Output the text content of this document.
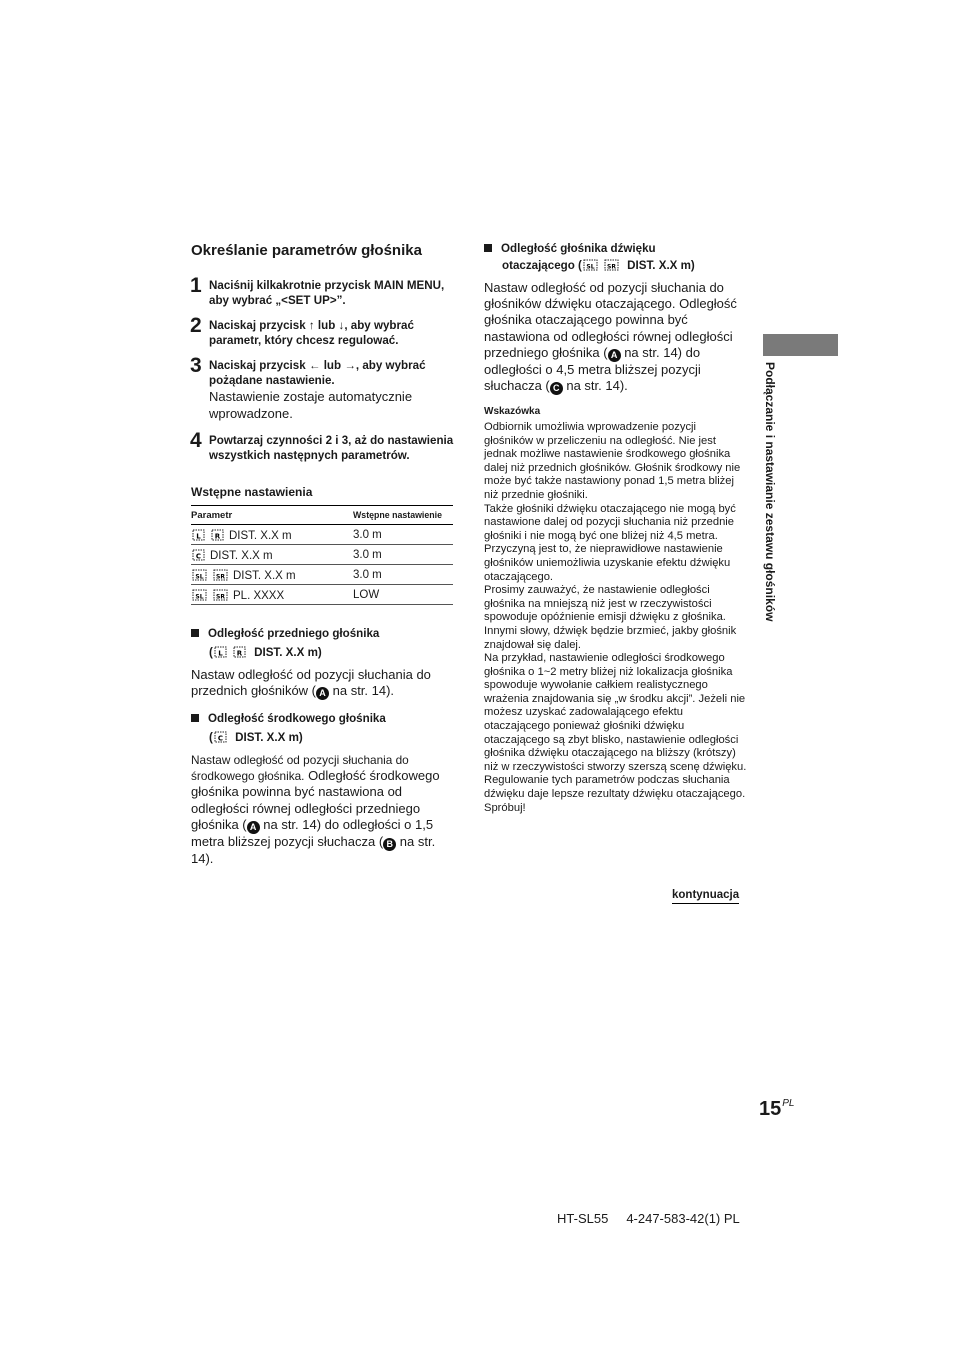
Określanie parametrów głośnika
1 Naciśnij kilkakrotnie przycisk MAIN MENU, aby wybrać „<SET UP>”.
2 Naciskaj przycisk ↑ lub ↓, aby wybrać parametr, który chcesz regulować.
3 Naciskaj przycisk ← lub →, aby wybrać pożądane nastawienie.
Nastawienie zostaje automatycznie wprowadzone.
4 Powtarzaj czynności 2 i 3, aż do nastawienia wszystkich następnych parametrów.
Wstępne nastawienia
Parametr	Wstępne nastawienie

L R DIST. X.X m	3.0 m

C DIST. X.X m	3.0 m

SL SR DIST. X.X m	3.0 m

SL SR PL. XXXX	LOW
Odległość przedniego głośnika
( L R DIST. X.X m)
Nastaw odległość od pozycji słuchania do przednich głośników ( A na str. 14).
Odległość środkowego głośnika
( C DIST. X.X m)
Nastaw odległość od pozycji słuchania do środkowego głośnika. Odległość środkowego głośnika powinna być nastawiona od odległości równej odległości przedniego głośnika ( A na str. 14) do odległości o 1,5 metra bliższej pozycji słuchacza ( B na str. 14).
Odległość głośnika dźwięku
otaczającego ( SL SR DIST. X.X m)
Nastaw odległość od pozycji słuchania do głośników dźwięku otaczającego. Odległość głośnika otaczającego powinna być nastawiona od odległości równej odległości przedniego głośnika ( A na str. 14) do odległości o 4,5 metra bliższej pozycji słuchacza ( C na str. 14).
Wskazówka
Odbiornik umożliwia wprowadzenie pozycji głośników w przeliczeniu na odległość. Nie jest jednak możliwe nastawienie środkowego głośnika dalej niż przednich głośników. Głośnik środkowy nie może być także nastawiony ponad 1,5 metra bliżej niż przednie głośniki.
Także głośniki dźwięku otaczającego nie mogą być nastawione dalej od pozycji słuchania niż przednie głośniki i nie mogą być one bliżej niż 4,5 metra.
Przyczyną jest to, że nieprawidłowe nastawienie głośników uniemożliwia uzyskanie efektu dźwięku otaczającego.
Prosimy zauważyć, że nastawienie odległości głośnika na mniejszą niż jest w rzeczywistości spowoduje opóźnienie emisji dźwięku z głośnika. Innymi słowy, dźwięk będzie brzmieć, jakby głośnik znajdował się dalej.
Na przykład, nastawienie odległości środkowego głośnika o 1~2 metry bliżej niż lokalizacja głośnika spowoduje wywołanie całkiem realistycznego wrażenia znajdowania się „w środku akcji”. Jeżeli nie możesz uzyskać zadowalającego efektu otaczającego ponieważ głośniki dźwięku otaczającego są zbyt blisko, nastawienie odległości głośnika dźwięku otaczającego na bliższy (krótszy) niż w rzeczywistości stworzy szerszą scenę dźwięku.
Regulowanie tych parametrów podczas słuchania dźwięku daje lepsze rezultaty dźwięku otaczającego. Spróbuj!
kontynuacja
Podłączanie i nastawianie zestawu głośników
$15^{PL}$
HT-SL55 4-247-583-42(1) PL
